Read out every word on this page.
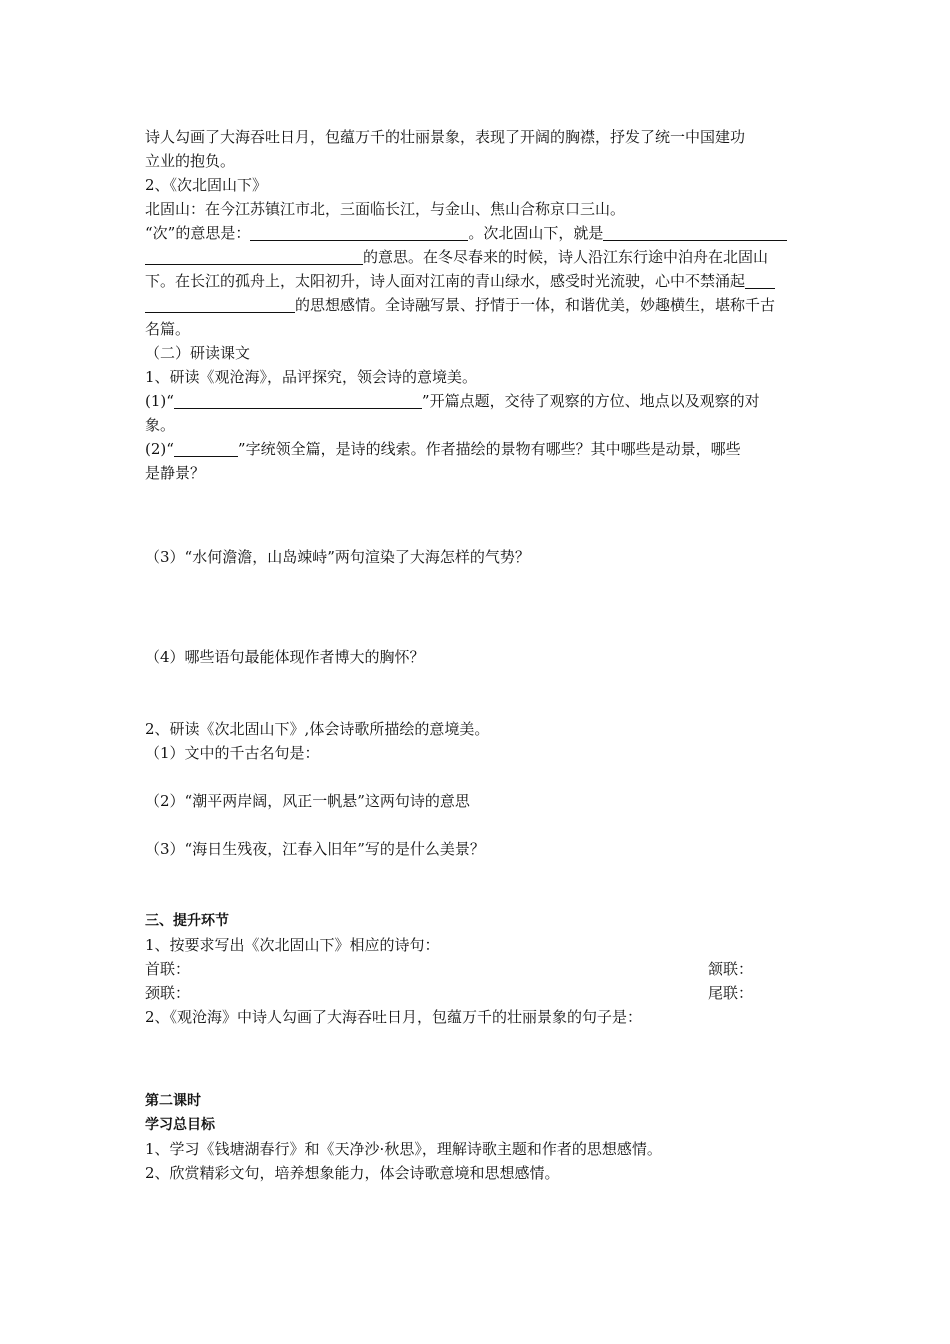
诗人勾画了大海吞吐日月，包蕴万千的壮丽景象，表现了开阔的胸襟，抒发了统一中国建功
立业的抱负。
2、《次北固山下》
北固山：在今江苏镇江市北，三面临长江，与金山、焦山合称京口三山。
“次”的意思是：	。次北固山下，就是
的意思。在冬尽春来的时候，诗人沿江东行途中泊舟在北固山
下。在长江的孤舟上，太阳初升，诗人面对江南的青山绿水，感受时光流驶，心中不禁涌起
的思想感情。全诗融写景、抒情于一体，和谐优美，妙趣横生，堪称千古
名篇。
（二）研读课文
1、研读《观沧海》，品评探究，领会诗的意境美。
(1)“	”开篇点题，交待了观察的方位、地点以及观察的对
象。
(2)“	”字统领全篇，是诗的线索。作者描绘的景物有哪些？其中哪些是动景，哪些
是静景？
（3）“水何澹澹，山岛竦峙”两句渲染了大海怎样的气势？
（4）哪些语句最能体现作者博大的胸怀？
2、研读《次北固山下》,体会诗歌所描绘的意境美。
（1）文中的千古名句是：
（2）“潮平两岸阔，风正一帆悬”这两句诗的意思
（3）“海日生残夜，江春入旧年”写的是什么美景？
三、提升环节
1、按要求写出《次北固山下》相应的诗句：
首联：	颔联：
颈联：	尾联：
2、《观沧海》中诗人勾画了大海吞吐日月，包蕴万千的壮丽景象的句子是：
第二课时
学习总目标
1、学习《钱塘湖春行》和《天净沙·秋思》，理解诗歌主题和作者的思想感情。
2、欣赏精彩文句，培养想象能力，体会诗歌意境和思想感情。
